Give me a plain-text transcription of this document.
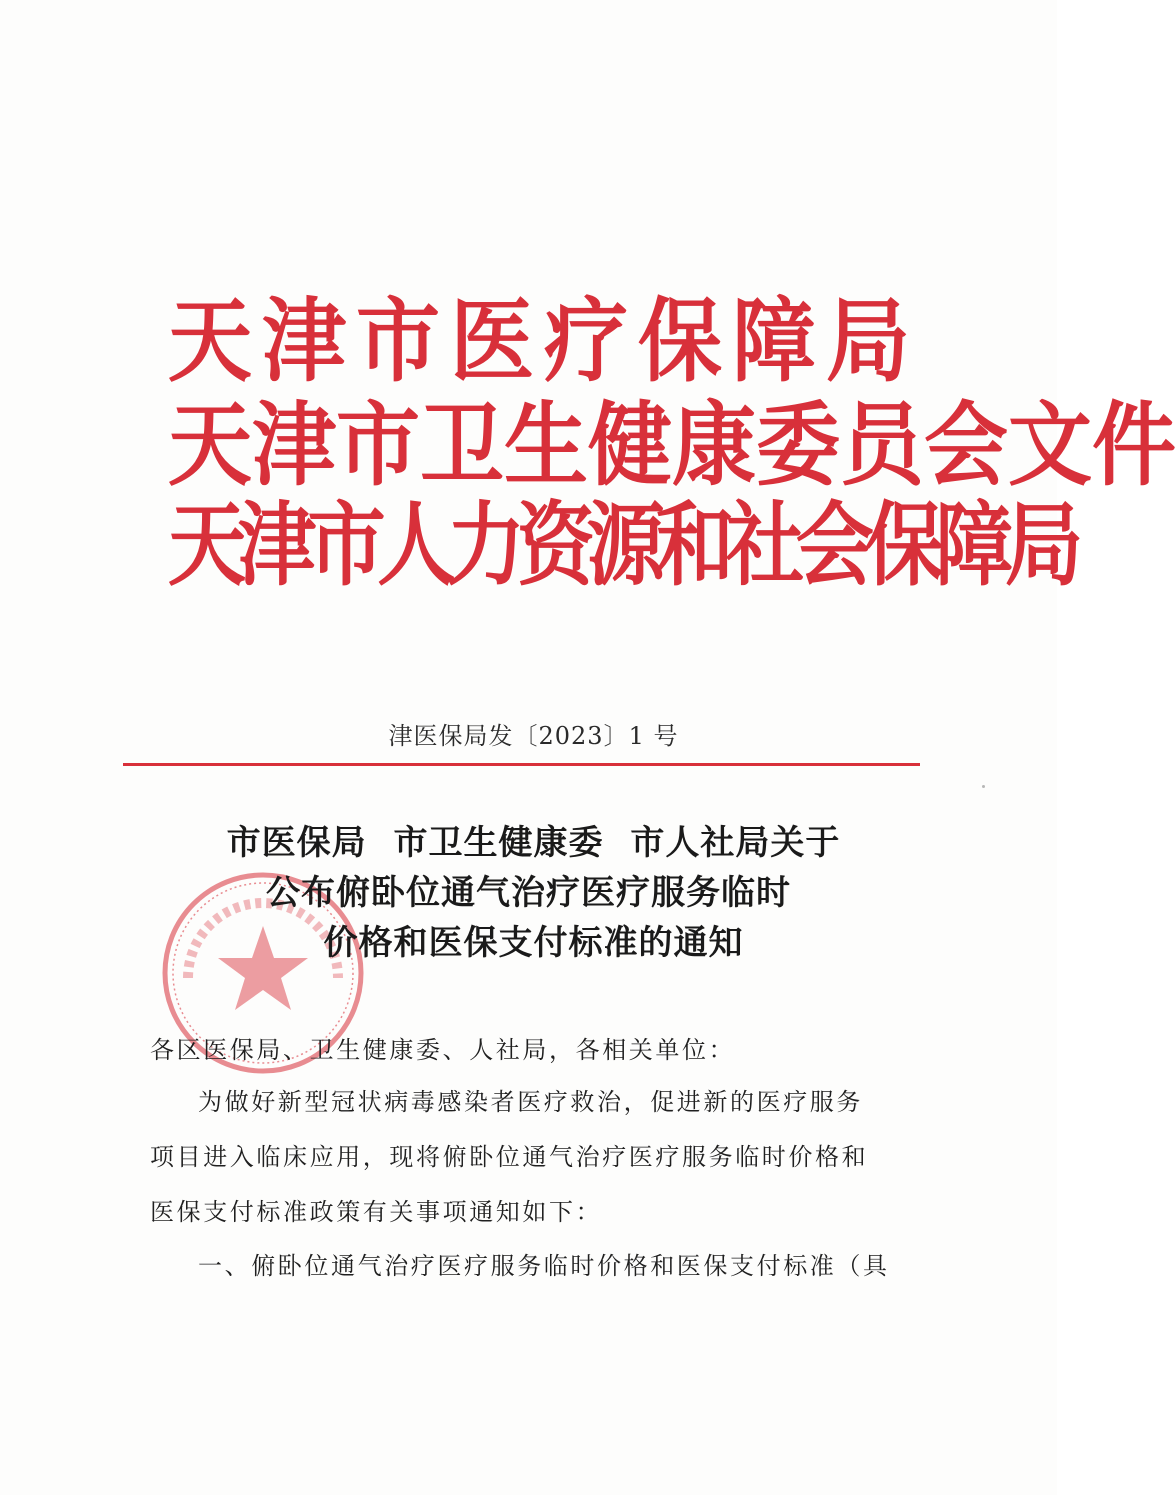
天津市医疗保障局
天津市卫生健康委员会文件
天津市人力资源和社会保障局
津医保局发〔2023〕1 号
市医保局 市卫生健康委 市人社局关于
公布俯卧位通气治疗医疗服务临时
价格和医保支付标准的通知
各区医保局、卫生健康委、人社局，各相关单位：
为做好新型冠状病毒感染者医疗救治，促进新的医疗服务
项目进入临床应用，现将俯卧位通气治疗医疗服务临时价格和
医保支付标准政策有关事项通知如下：
一、俯卧位通气治疗医疗服务临时价格和医保支付标准（具
